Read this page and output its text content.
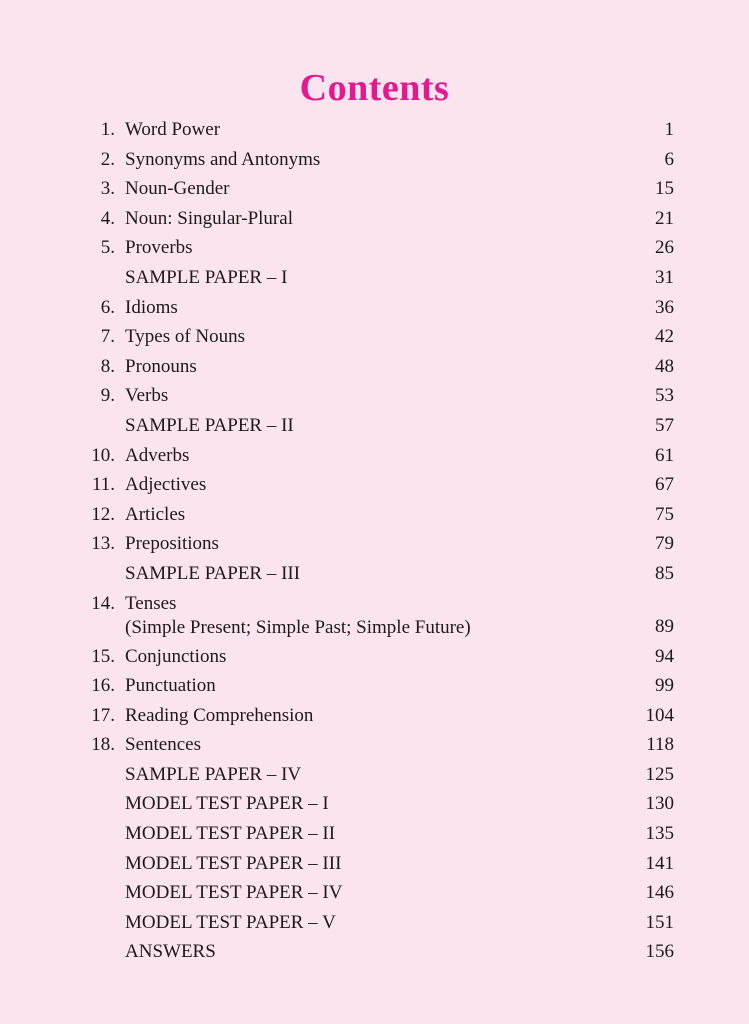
Contents
1. Word Power	1
2. Synonyms and Antonyms	6
3. Noun-Gender	15
4. Noun: Singular-Plural	21
5. Proverbs	26
SAMPLE PAPER – I	31
6. Idioms	36
7. Types of Nouns	42
8. Pronouns	48
9. Verbs	53
SAMPLE PAPER – II	57
10. Adverbs	61
11. Adjectives	67
12. Articles	75
13. Prepositions	79
SAMPLE PAPER – III	85
14. Tenses
(Simple Present; Simple Past; Simple Future)	89
15. Conjunctions	94
16. Punctuation	99
17. Reading Comprehension	104
18. Sentences	118
SAMPLE PAPER – IV	125
MODEL TEST PAPER – I	130
MODEL TEST PAPER – II	135
MODEL TEST PAPER – III	141
MODEL TEST PAPER – IV	146
MODEL TEST PAPER – V	151
ANSWERS	156
